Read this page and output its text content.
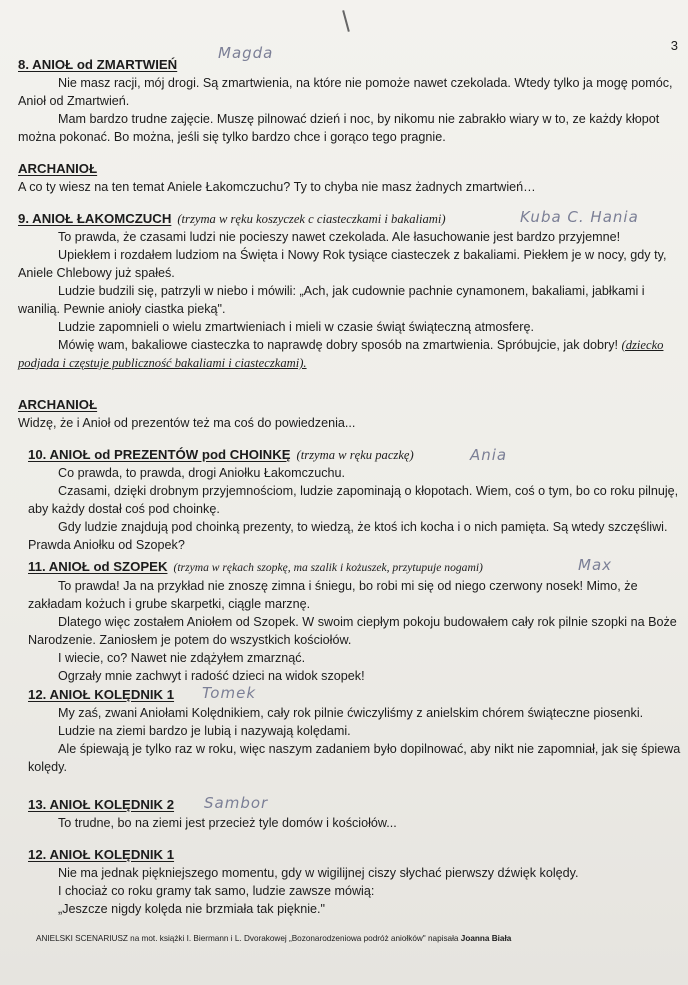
3
8. ANIOŁ od ZMARTWIEŃ

Nie masz racji, mój drogi. Są zmartwienia, na które nie pomoże nawet czekolada. Wtedy tylko ja mogę pomóc, Anioł od Zmartwień.

Mam bardzo trudne zajęcie. Muszę pilnować dzień i noc, by nikomu nie zabrakło wiary w to, ze każdy kłopot można pokonać. Bo można, jeśli się tylko bardzo chce i gorąco tego pragnie.

Magda
ARCHANIOŁ

A co ty wiesz na ten temat Aniele Łakomczuchu? Ty to chyba nie masz żadnych zmartwień…

9. ANIOŁ ŁAKOMCZUCH (trzyma w ręku koszyczek c ciasteczkami i bakaliami)

To prawda, że czasami ludzi nie pocieszy nawet czekolada. Ale łasuchowanie jest bardzo przyjemne!

Upiekłem i rozdałem ludziom na Święta i Nowy Rok tysiące ciasteczek z bakaliami. Piekłem je w nocy, gdy ty, Aniele Chlebowy już spałeś.

Ludzie budzili się, patrzyli w niebo i mówili: „Ach, jak cudownie pachnie cynamonem, bakaliami, jabłkami i wanilią. Pewnie anioły ciastka pieką".

Ludzie zapomnieli o wielu zmartwieniach i mieli w czasie świąt świąteczną atmosferę.

Mówię wam, bakaliowe ciasteczka to naprawdę dobry sposób na zmartwienia. Spróbujcie, jak dobry! (dziecko podjada i częstuje publiczność bakaliami i ciasteczkami).

Kuba C. Hania
ARCHANIOŁ

Widzę, że i Anioł od prezentów też ma coś do powiedzenia...

10. ANIOŁ od PREZENTÓW pod CHOINKĘ (trzyma w ręku paczkę)

Co prawda, to prawda, drogi Aniołku Łakomczuchu.

Czasami, dzięki drobnym przyjemnościom, ludzie zapominają o kłopotach. Wiem, coś o tym, bo co roku pilnuję, aby każdy dostał coś pod choinkę.

Gdy ludzie znajdują pod choinką prezenty, to wiedzą, że ktoś ich kocha i o nich pamięta. Są wtedy szczęśliwi. Prawda Aniołku od Szopek?

Ania
11. ANIOŁ od SZOPEK (trzyma w rękach szopkę, ma szalik i kożuszek, przytupuje nogami)

To prawda! Ja na przykład nie znoszę zimna i śniegu, bo robi mi się od niego czerwony nosek! Mimo, że zakładam kożuch i grube skarpetki, ciągle marznę.

Dlatego więc zostałem Aniołem od Szopek. W swoim ciepłym pokoju budowałem cały rok pilnie szopki na Boże Narodzenie. Zaniosłem je potem do wszystkich kościołów.

I wiecie, co? Nawet nie zdążyłem zmarznąć.

Ogrzały mnie zachwyt i radość dzieci na widok szopek!

Max
12. ANIOŁ KOLĘDNIK 1

My zaś, zwani Aniołami Kolędnikiem, cały rok pilnie ćwiczyliśmy z anielskim chórem świąteczne piosenki.

Ludzie na ziemi bardzo je lubią i nazywają kolędami.

Ale śpiewają je tylko raz w roku, więc naszym zadaniem było dopilnować, aby nikt nie zapomniał, jak się śpiewa kolędy.

Tomek
13. ANIOŁ KOLĘDNIK 2

To trudne, bo na ziemi jest przecież tyle domów i kościołów...

Sambor
12. ANIOŁ KOLĘDNIK 1

Nie ma jednak piękniejszego momentu, gdy w wigilijnej ciszy słychać pierwszy dźwięk kolędy.

I chociaż co roku gramy tak samo, ludzie zawsze mówią:

„Jeszcze nigdy kolęda nie brzmiała tak pięknie."

ANIELSKI SCENARIUSZ na mot. książki I. Biermann i L. Dvorakowej „Bozonarodzeniowa podróż aniołków" napisała Joanna Biała
